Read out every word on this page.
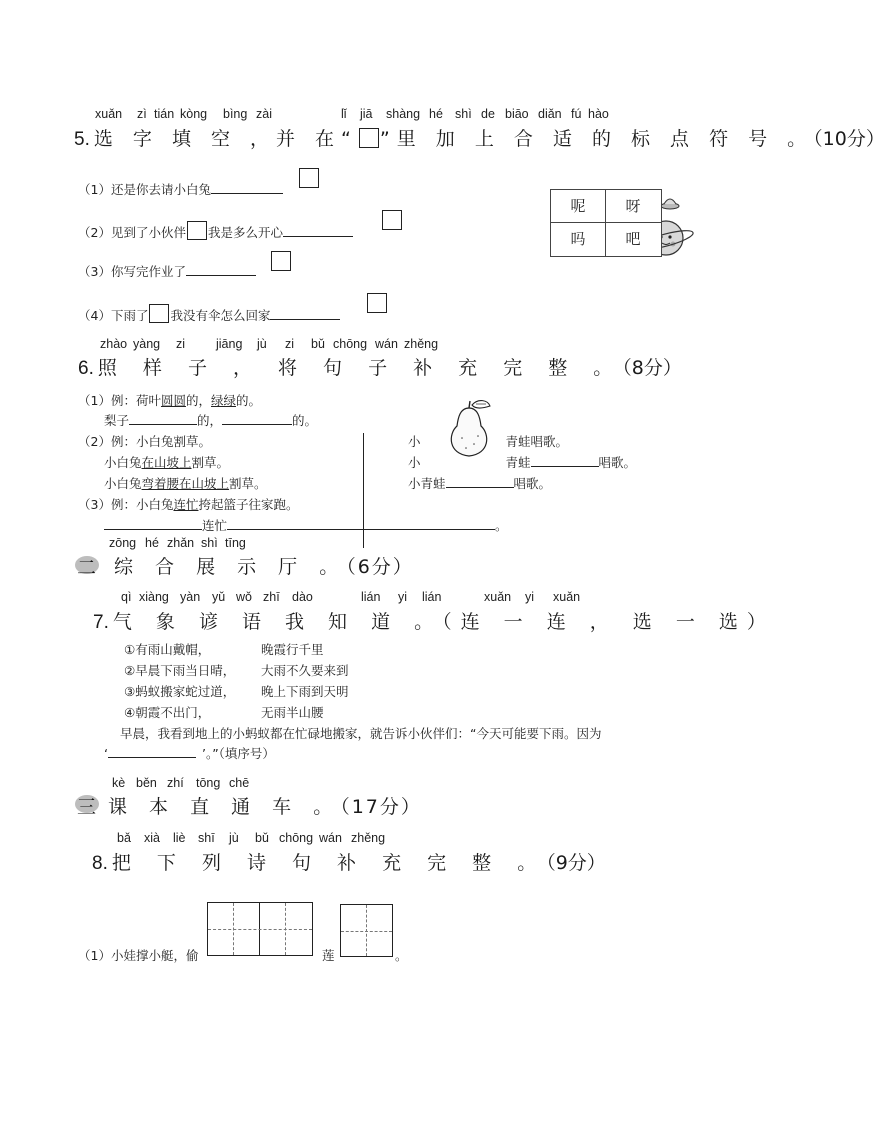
xuǎn zì tián kòng bìng zài	lǐ jiā shàng hé shì de biāo diǎn fú hào
5. 选 字 填 空 ，并 在“ ”里 加 上 合 适 的 标 点 符 号 。（10分）
（1）还是你去请小白兔
（2）见到了小伙伴 我是多么开心
（3）你写完作业了
（4）下雨了 我没有伞怎么回家
呢	呀
吗	吧
zhào yàng zi jiāng jù zi bǔ chōng wán zhěng
6. 照 样 子 ， 将 句 子 补 充 完 整 。（8分）
（1）例：荷叶圆圆的，绿绿的。
梨子	的，	的。
（2）例：小白兔割草。
小白兔在山坡上割草。
小白兔弯着腰在山坡上割草。
小	青蛙唱歌。
小	青蛙	唱歌。
小青蛙	唱歌。
（3）例：小白兔连忙挎起篮子往家跑。
连忙	。
zōng hé zhǎn shì tīng
二 综 合 展 示 厅 。（6分）
qì xiàng yàn yǔ wǒ zhī dào	lián yi lián	xuǎn yi xuǎn
7. 气 象 谚 语 我 知 道 。（连 一 连 ， 选 一 选）
①有雨山戴帽，	晚霞行千里
②早晨下雨当日晴， 大雨不久要来到
③蚂蚁搬家蛇过道， 晚上下雨到天明
④朝霞不出门，	无雨半山腰
早晨，我看到地上的小蚂蚁都在忙碌地搬家，就告诉小伙伴们：“今天可能要下雨。因为
‘	’。”（填序号）
kè běn zhí tōng chē
三 课 本 直 通 车 。（17分）
bǎ xià liè shī jù bǔ chōng wán zhěng
8. 把 下 列 诗 句 补 充 完 整 。（9分）
（1）小娃撑小艇，偷	莲	。
